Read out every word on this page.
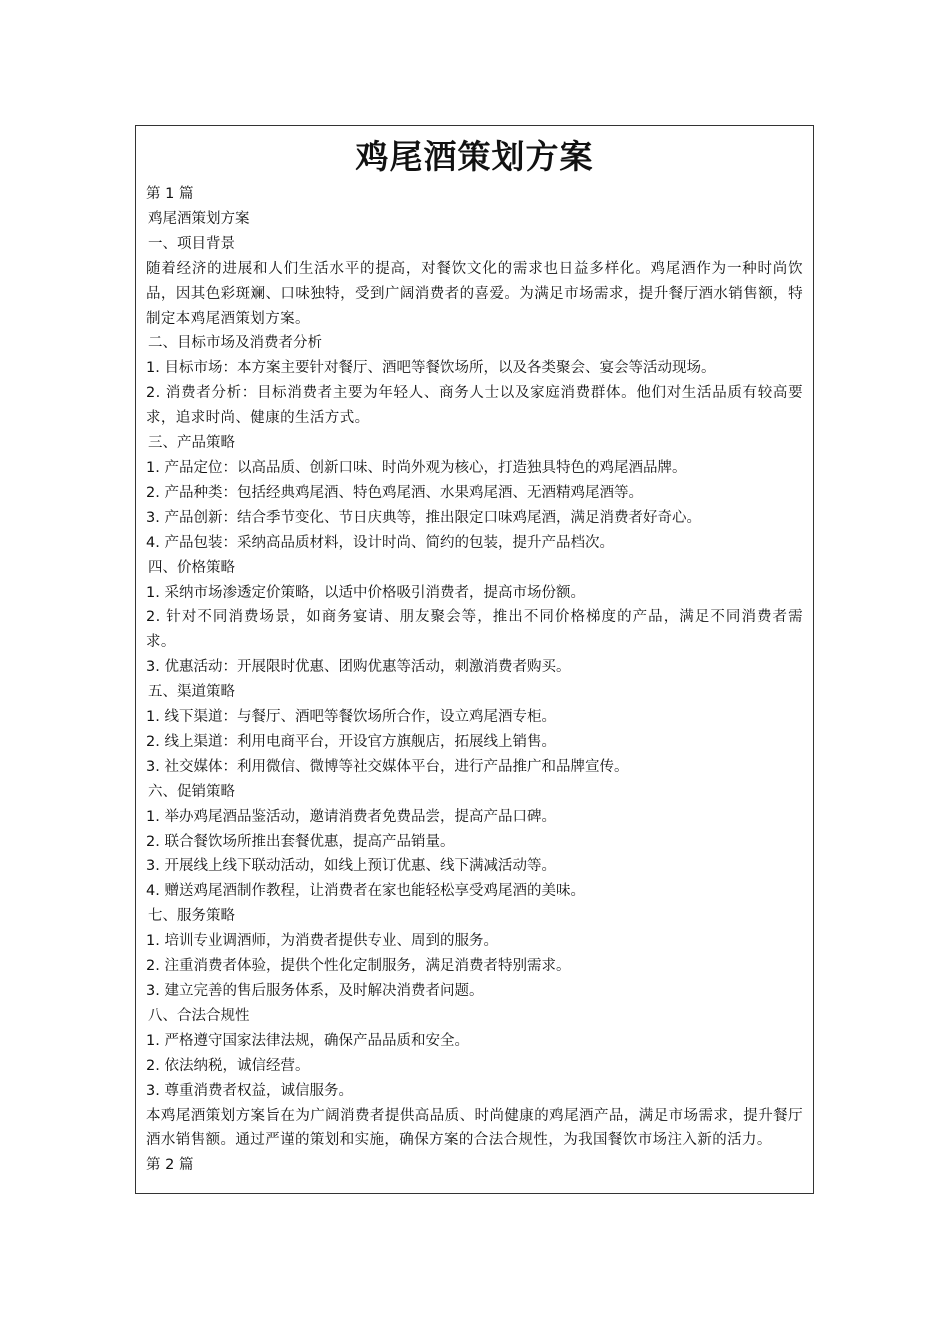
鸡尾酒策划方案
第 1 篇
鸡尾酒策划方案
一、项目背景
随着经济的进展和人们生活水平的提高，对餐饮文化的需求也日益多样化。鸡尾酒作为一种时尚饮品，因其色彩斑斓、口味独特，受到广阔消费者的喜爱。为满足市场需求，提升餐厅酒水销售额，特制定本鸡尾酒策划方案。
二、目标市场及消费者分析
1. 目标市场：本方案主要针对餐厅、酒吧等餐饮场所，以及各类聚会、宴会等活动现场。
2. 消费者分析：目标消费者主要为年轻人、商务人士以及家庭消费群体。他们对生活品质有较高要求，追求时尚、健康的生活方式。
三、产品策略
1. 产品定位：以高品质、创新口味、时尚外观为核心，打造独具特色的鸡尾酒品牌。
2. 产品种类：包括经典鸡尾酒、特色鸡尾酒、水果鸡尾酒、无酒精鸡尾酒等。
3. 产品创新：结合季节变化、节日庆典等，推出限定口味鸡尾酒，满足消费者好奇心。
4. 产品包装：采纳高品质材料，设计时尚、简约的包装，提升产品档次。
四、价格策略
1. 采纳市场渗透定价策略，以适中价格吸引消费者，提高市场份额。
2. 针对不同消费场景，如商务宴请、朋友聚会等，推出不同价格梯度的产品，满足不同消费者需求。
3. 优惠活动：开展限时优惠、团购优惠等活动，刺激消费者购买。
五、渠道策略
1. 线下渠道：与餐厅、酒吧等餐饮场所合作，设立鸡尾酒专柜。
2. 线上渠道：利用电商平台，开设官方旗舰店，拓展线上销售。
3. 社交媒体：利用微信、微博等社交媒体平台，进行产品推广和品牌宣传。
六、促销策略
1. 举办鸡尾酒品鉴活动，邀请消费者免费品尝，提高产品口碑。
2. 联合餐饮场所推出套餐优惠，提高产品销量。
3. 开展线上线下联动活动，如线上预订优惠、线下满减活动等。
4. 赠送鸡尾酒制作教程，让消费者在家也能轻松享受鸡尾酒的美味。
七、服务策略
1. 培训专业调酒师，为消费者提供专业、周到的服务。
2. 注重消费者体验，提供个性化定制服务，满足消费者特别需求。
3. 建立完善的售后服务体系，及时解决消费者问题。
八、合法合规性
1. 严格遵守国家法律法规，确保产品品质和安全。
2. 依法纳税，诚信经营。
3. 尊重消费者权益，诚信服务。
本鸡尾酒策划方案旨在为广阔消费者提供高品质、时尚健康的鸡尾酒产品，满足市场需求，提升餐厅酒水销售额。通过严谨的策划和实施，确保方案的合法合规性，为我国餐饮市场注入新的活力。
第 2 篇
